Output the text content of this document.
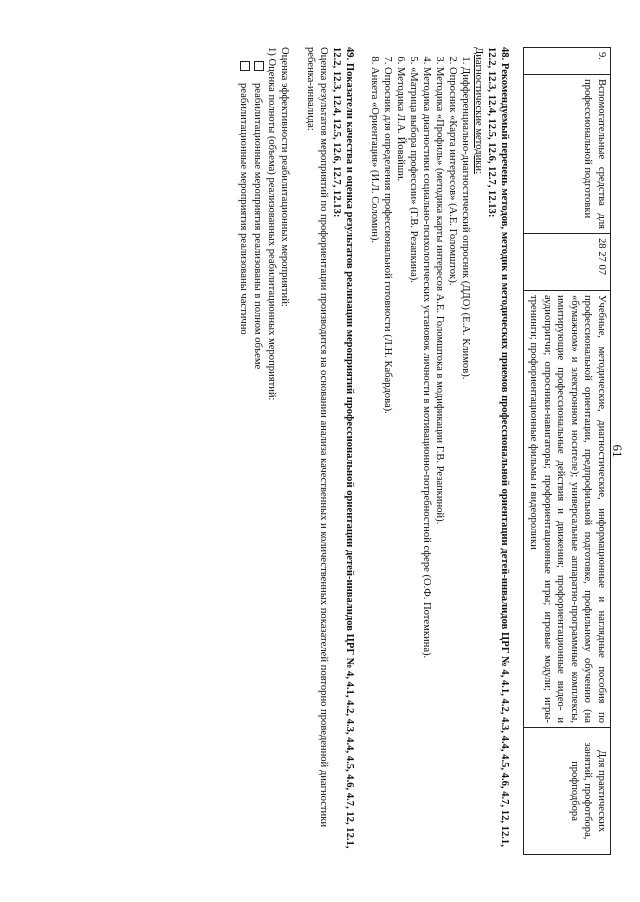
61
9.	Вспомогательные средства для профессиональной подготовки	28 27 07	Учебные, методические, диагностические, информационные и наглядные пособия по профессиональной ориентации, предпрофильной подготовке, профильному обучению (на «бумажном» и электронном носителе); универсальные аппаратно-программные комплексы, имитирующие профессиональные действия и движения; профориентационные видео- и аудиопритчи; опросники-навигаторы; профориентационные игры; игровые модули; игры-тренинги; профориентационные фильмы и видеоролики	Для практических занятий, профотбора, профподбора
48. Рекомендуемый перечень методов, методик и методических приемов профессиональной ориентации детей-инвалидов ЦРГ № 4, 4.1, 4.2, 4.3, 4.4, 4.5, 4.6, 4.7, 12, 12.1, 12.2, 12.3, 12.4, 12.5, 12.6, 12.7, 12.13:
Диагностические методики:
1. Дифференциально-диагностический опросник (ДДО) (Е.А. Климов).
2. Опросник «Карта интересов» (А.Е. Голомшток).
3. Методика «Профиль» (методика карты интересов А.Е. Голомштока в модификации Г.В. Резапкиной).
4. Методика диагностики социально-психологических установок личности в мотивационно-потребностной сфере (О.Ф. Потемкина).
5. «Матрица выбора профессии» (Г.В. Резапкина).
6. Методика Л.А. Йовайши.
7. Опросник для определения профессиональной готовности (Л.Н. Кабардова).
8. Анкета «Ориентация» (И.Л. Соломин).
49. Показатели качества и оценка результатов реализации мероприятий профессиональной ориентации детей-инвалидов ЦРГ № 4, 4.1, 4.2, 4.3, 4.4, 4.5, 4.6, 4.7, 12, 12.1, 12.2, 12.3, 12.4, 12.5, 12.6, 12.7, 12.13:
Оценка результатов мероприятий по профориентации производится на основании анализа качественных и количественных показателей повторно проведенной диагностики ребенка-инвалида:
Оценка эффективности реабилитационных мероприятий:
1) Оценка полноты (объема) реализованных реабилитационных мероприятий:
реабилитационные мероприятия реализованы в полном объеме
реабилитационные мероприятия реализованы частично
